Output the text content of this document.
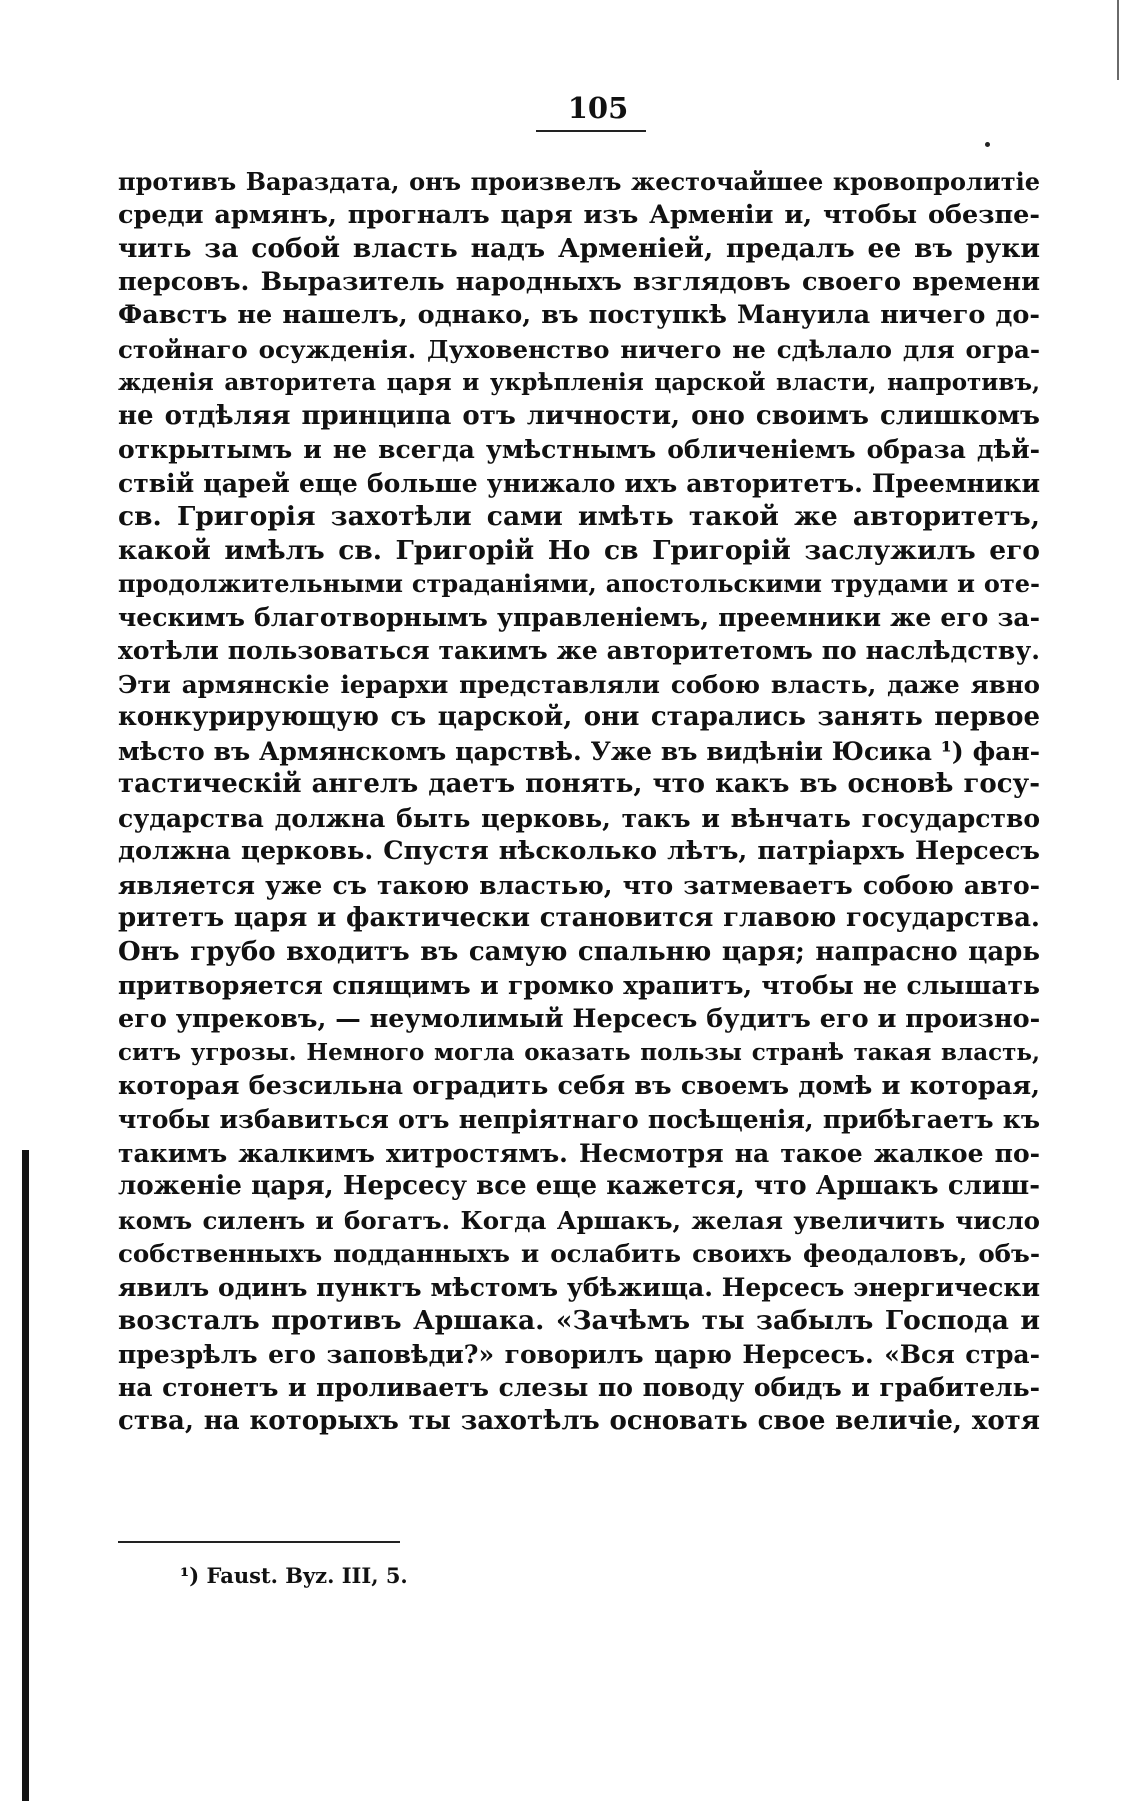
105
противъ Вараздата, онъ произвелъ жесточайшее кровопролитіе
среди армянъ, прогналъ царя изъ Арменіи и, чтобы обезпе-
чить за собой власть надъ Арменіей, предалъ ее въ руки
персовъ. Выразитель народныхъ взглядовъ своего времени
Фавстъ не нашелъ, однако, въ поступкѣ Мануила ничего до-
стойнаго осужденія. Духовенство ничего не сдѣлало для огра-
жденія авторитета царя и укрѣпленія царской власти, напротивъ,
не отдѣляя принципа отъ личности, оно своимъ слишкомъ
открытымъ и не всегда умѣстнымъ обличеніемъ образа дѣй-
ствій царей еще больше унижало ихъ авторитетъ. Преемники
св. Григорія захотѣли сами имѣть такой же авторитетъ,
какой имѣлъ св. Григорій Но св Григорій заслужилъ его
продолжительными страданіями, апостольскими трудами и оте-
ческимъ благотворнымъ управленіемъ, преемники же его за-
хотѣли пользоваться такимъ же авторитетомъ по наслѣдству.
Эти армянскіе іерархи представляли собою власть, даже явно
конкурирующую съ царской, они старались занять первое
мѣсто въ Армянскомъ царствѣ. Уже въ видѣніи Юсика ¹) фан-
тастическій ангелъ даетъ понять, что какъ въ основѣ госу-
сударства должна быть церковь, такъ и вѣнчать государство
должна церковь. Спустя нѣсколько лѣтъ, патріархъ Нерсесъ
является уже съ такою властью, что затмеваетъ собою авто-
ритетъ царя и фактически становится главою государства.
Онъ грубо входитъ въ самую спальню царя; напрасно царь
притворяется спящимъ и громко храпитъ, чтобы не слышать
его упрековъ, — неумолимый Нерсесъ будитъ его и произно-
ситъ угрозы. Немного могла оказать пользы странѣ такая власть,
которая безсильна оградить себя въ своемъ домѣ и которая,
чтобы избавиться отъ непріятнаго посѣщенія, прибѣгаетъ къ
такимъ жалкимъ хитростямъ. Несмотря на такое жалкое по-
ложеніе царя, Нерсесу все еще кажется, что Аршакъ слиш-
комъ силенъ и богатъ. Когда Аршакъ, желая увеличить число
собственныхъ подданныхъ и ослабить своихъ феодаловъ, объ-
явилъ одинъ пунктъ мѣстомъ убѣжища. Нерсесъ энергически
возсталъ противъ Аршака. «Зачѣмъ ты забылъ Господа и
презрѣлъ его заповѣди?» говорилъ царю Нерсесъ. «Вся стра-
на стонетъ и проливаетъ слезы по поводу обидъ и грабитель-
ства, на которыхъ ты захотѣлъ основать свое величіе, хотя
¹) Faust. Byz. III, 5.
